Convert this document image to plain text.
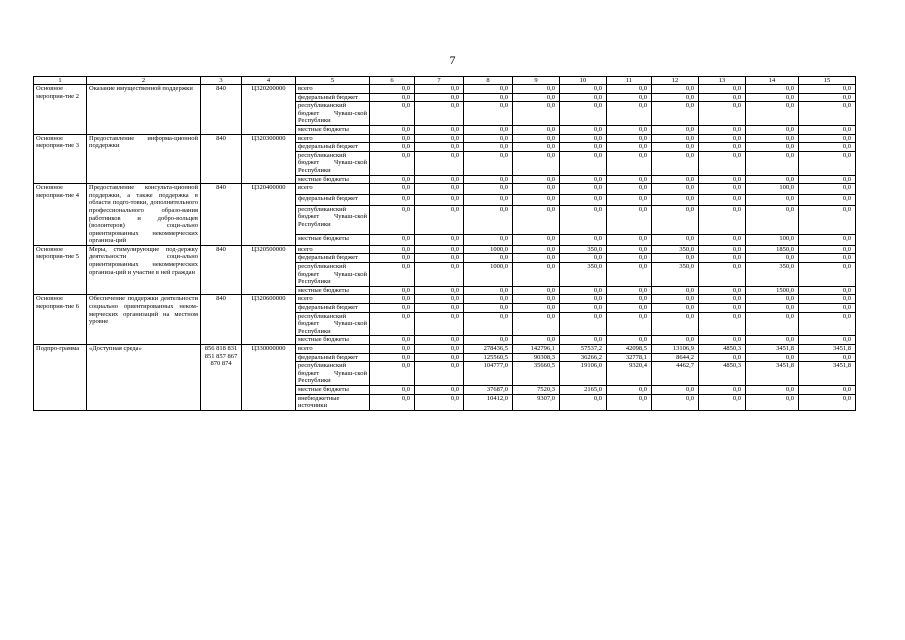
7
1	2	3	4	5	6	7	8	9	10	11	12	13	14	15
Основное мероприя-тие 2	Оказание имущественной поддержки	840	Ц320200000	всего	0,0	0,0	0,0	0,0	0,0	0,0	0,0	0,0	0,0	0,0
				федеральный бюджет	0,0	0,0	0,0	0,0	0,0	0,0	0,0	0,0	0,0	0,0
				республиканский бюджет Чуваш-ской Республики	0,0	0,0	0,0	0,0	0,0	0,0	0,0	0,0	0,0	0,0
				местные бюджеты	0,0	0,0	0,0	0,0	0,0	0,0	0,0	0,0	0,0	0,0
Основное мероприя-тие 3	Предоставление информа-ционной поддержки	840	Ц320300000	всего	0,0	0,0	0,0	0,0	0,0	0,0	0,0	0,0	0,0	0,0
				федеральный бюджет	0,0	0,0	0,0	0,0	0,0	0,0	0,0	0,0	0,0	0,0
				республиканский бюджет Чуваш-ской Республики	0,0	0,0	0,0	0,0	0,0	0,0	0,0	0,0	0,0	0,0
				местные бюджеты	0,0	0,0	0,0	0,0	0,0	0,0	0,0	0,0	0,0	0,0
Основное мероприя-тие 4	Предоставление консульта-ционной поддержки, а также поддержка в области подго-товки, дополнительного профессионального образо-вания работников и добро-вольцев (волонтеров) соци-ально ориентированных некоммерческих организа-ций	840	Ц320400000	всего	0,0	0,0	0,0	0,0	0,0	0,0	0,0	0,0	100,0	0,0
				федеральный бюджет	0,0	0,0	0,0	0,0	0,0	0,0	0,0	0,0	0,0	0,0
				республиканский бюджет Чуваш-ской Республики	0,0	0,0	0,0	0,0	0,0	0,0	0,0	0,0	0,0	0,0
				местные бюджеты	0,0	0,0	0,0	0,0	0,0	0,0	0,0	0,0	100,0	0,0
Основное мероприя-тие 5	Меры, стимулирующие под-держку деятельности соци-ально ориентированных некоммерческих организа-ций и участие в ней граждан	840	Ц320500000	всего	0,0	0,0	1000,0	0,0	350,0	0,0	350,0	0,0	1850,0	0,0
				федеральный бюджет	0,0	0,0	0,0	0,0	0,0	0,0	0,0	0,0	0,0	0,0
				республиканский бюджет Чуваш-ской Республики	0,0	0,0	1000,0	0,0	350,0	0,0	350,0	0,0	350,0	0,0
				местные бюджеты	0,0	0,0	0,0	0,0	0,0	0,0	0,0	0,0	1500,0	0,0
Основное мероприя-тие 6	Обеспечение поддержки деятельности социально ориентированных неком-мерческих организаций на местном уровне	840	Ц320600000	всего	0,0	0,0	0,0	0,0	0,0	0,0	0,0	0,0	0,0	0,0
				федеральный бюджет	0,0	0,0	0,0	0,0	0,0	0,0	0,0	0,0	0,0	0,0
				республиканский бюджет Чуваш-ской Республики	0,0	0,0	0,0	0,0	0,0	0,0	0,0	0,0	0,0	0,0
				местные бюджеты	0,0	0,0	0,0	0,0	0,0	0,0	0,0	0,0	0,0	0,0
Подпро-грамма	«Доступная среда»	856 818 831 851 857 867 870 874	Ц330000000	всего	0,0	0,0	278436,5	142796,1	57537,2	42098,5	13106,9	4850,3	3451,8	3451,8
				федеральный бюджет	0,0	0,0	125560,5	90308,3	36266,2	32778,1	8644,2	0,0	0,0	0,0
				республиканский бюджет Чуваш-ской Республики	0,0	0,0	104777,0	35660,5	19106,0	9320,4	4462,7	4850,3	3451,8	3451,8
				местные бюджеты	0,0	0,0	37687,0	7520,3	2165,0	0,0	0,0	0,0	0,0	0,0
				внебюджетные источники	0,0	0,0	10412,0	9307,0	0,0	0,0	0,0	0,0	0,0	0,0
